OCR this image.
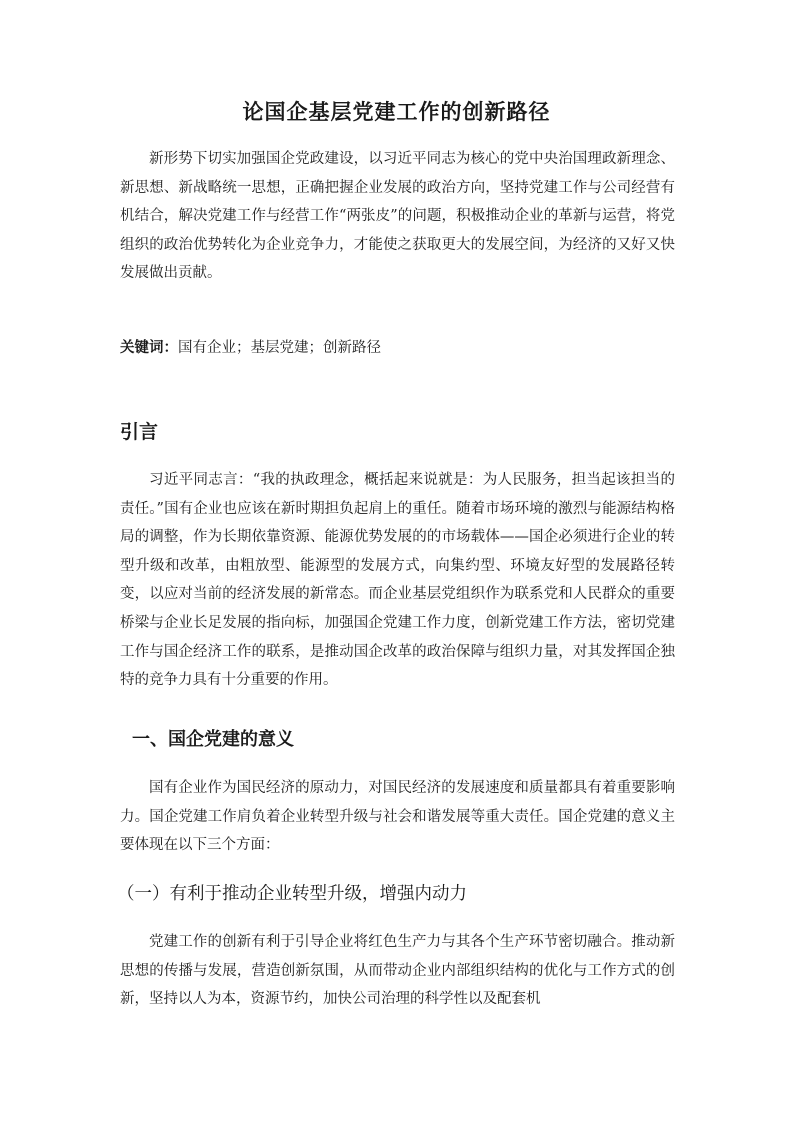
论国企基层党建工作的创新路径

新形势下切实加强国企党政建设，以习近平同志为核心的党中央治国理政新理念、新思想、新战略统一思想，正确把握企业发展的政治方向，坚持党建工作与公司经营有机结合，解决党建工作与经营工作“两张皮”的问题，积极推动企业的革新与运营，将党组织的政治优势转化为企业竞争力，才能使之获取更大的发展空间，为经济的又好又快发展做出贡献。

关键词：国有企业；基层党建；创新路径
引言

习近平同志言：“我的执政理念，概括起来说就是：为人民服务，担当起该担当的责任。”国有企业也应该在新时期担负起肩上的重任。随着市场环境的激烈与能源结构格局的调整，作为长期依靠资源、能源优势发展的的市场载体——国企必须进行企业的转型升级和改革，由粗放型、能源型的发展方式，向集约型、环境友好型的发展路径转变，以应对当前的经济发展的新常态。而企业基层党组织作为联系党和人民群众的重要桥梁与企业长足发展的指向标，加强国企党建工作力度，创新党建工作方法，密切党建工作与国企经济工作的联系，是推动国企改革的政治保障与组织力量，对其发挥国企独特的竞争力具有十分重要的作用。

一、国企党建的意义

国有企业作为国民经济的原动力，对国民经济的发展速度和质量都具有着重要影响力。国企党建工作肩负着企业转型升级与社会和谐发展等重大责任。国企党建的意义主要体现在以下三个方面：

（一）有利于推动企业转型升级，增强内动力

党建工作的创新有利于引导企业将红色生产力与其各个生产环节密切融合。推动新思想的传播与发展，营造创新氛围，从而带动企业内部组织结构的优化与工作方式的创新，坚持以人为本，资源节约，加快公司治理的科学性以及配套机
